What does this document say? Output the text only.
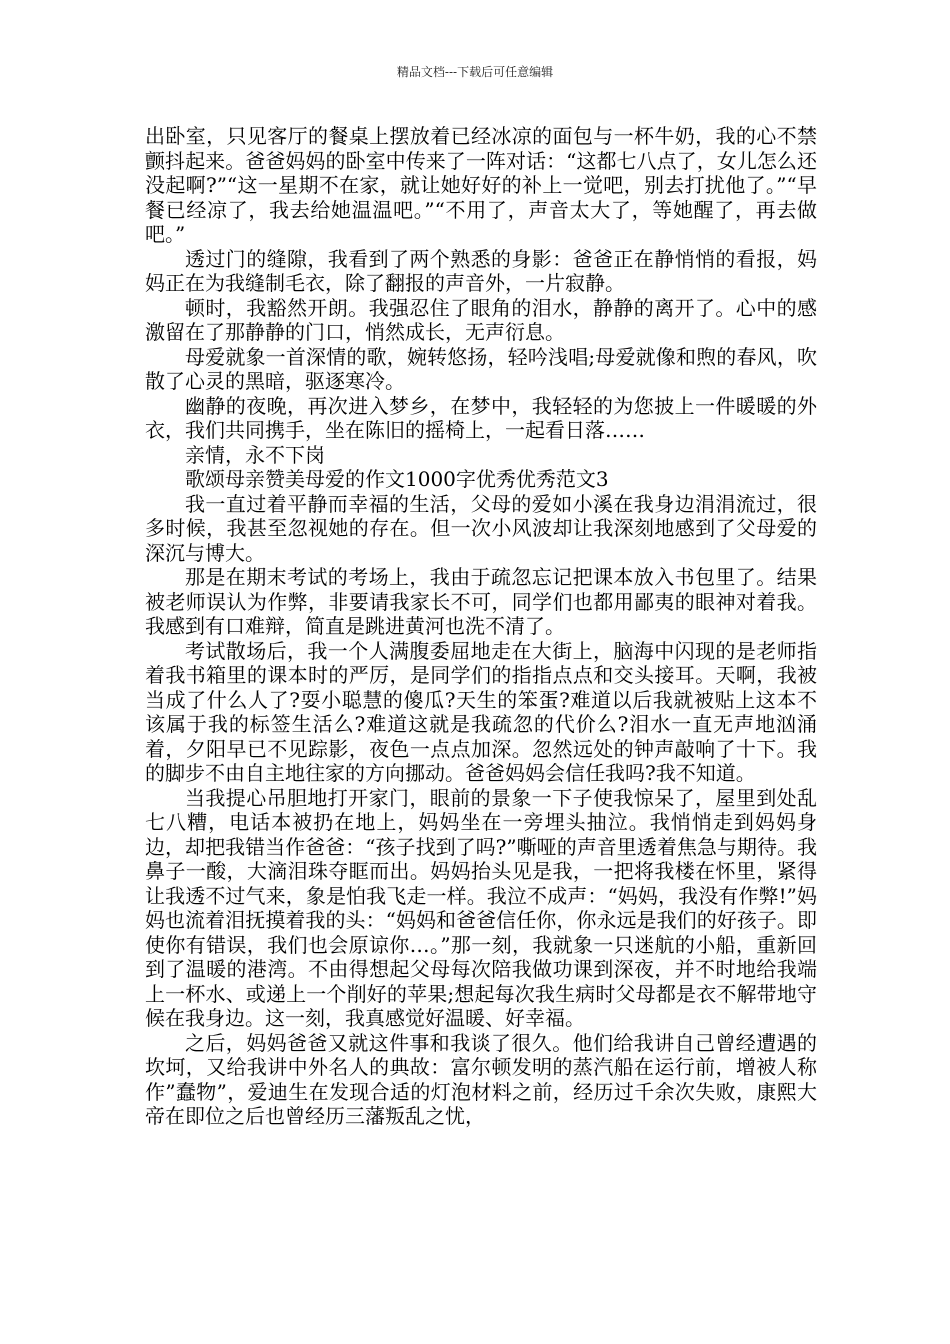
精品文档---下载后可任意编辑

出卧室，只见客厅的餐桌上摆放着已经冰凉的面包与一杯牛奶，我的心不禁颤抖起来。爸爸妈妈的卧室中传来了一阵对话：“这都七八点了，女儿怎么还没起啊?”“这一星期不在家，就让她好好的补上一觉吧，别去打扰他了。”“早餐已经凉了，我去给她温温吧。”“不用了，声音太大了，等她醒了，再去做吧。”

透过门的缝隙，我看到了两个熟悉的身影：爸爸正在静悄悄的看报，妈妈正在为我缝制毛衣，除了翻报的声音外，一片寂静。

顿时，我豁然开朗。我强忍住了眼角的泪水，静静的离开了。心中的感激留在了那静静的门口，悄然成长，无声衍息。

母爱就象一首深情的歌，婉转悠扬，轻吟浅唱;母爱就像和煦的春风，吹散了心灵的黑暗，驱逐寒冷。

幽静的夜晚，再次进入梦乡，在梦中，我轻轻的为您披上一件暖暖的外衣，我们共同携手，坐在陈旧的摇椅上，一起看日落……

亲情，永不下岗

歌颂母亲赞美母爱的作文1000字优秀优秀范文3

我一直过着平静而幸福的生活，父母的爱如小溪在我身边涓涓流过，很多时候，我甚至忽视她的存在。但一次小风波却让我深刻地感到了父母爱的深沉与博大。

那是在期末考试的考场上，我由于疏忽忘记把课本放入书包里了。结果被老师误认为作弊，非要请我家长不可，同学们也都用鄙夷的眼神对着我。我感到有口难辩，简直是跳进黄河也洗不清了。

考试散场后，我一个人满腹委屈地走在大街上，脑海中闪现的是老师指着我书箱里的课本时的严厉，是同学们的指指点点和交头接耳。天啊，我被当成了什么人了?耍小聪慧的傻瓜?天生的笨蛋?难道以后我就被贴上这本不该属于我的标签生活么?难道这就是我疏忽的代价么?泪水一直无声地汹涌着，夕阳早已不见踪影，夜色一点点加深。忽然远处的钟声敲响了十下。我的脚步不由自主地往家的方向挪动。爸爸妈妈会信任我吗?我不知道。

当我提心吊胆地打开家门，眼前的景象一下子使我惊呆了，屋里到处乱七八糟，电话本被扔在地上，妈妈坐在一旁埋头抽泣。我悄悄走到妈妈身边，却把我错当作爸爸：“孩子找到了吗?”嘶哑的声音里透着焦急与期待。我鼻子一酸，大滴泪珠夺眶而出。妈妈抬头见是我，一把将我楼在怀里，紧得让我透不过气来，象是怕我飞走一样。我泣不成声：“妈妈，我没有作弊!”妈妈也流着泪抚摸着我的头：“妈妈和爸爸信任你，你永远是我们的好孩子。即使你有错误，我们也会原谅你…。”那一刻，我就象一只迷航的小船，重新回到了温暖的港湾。不由得想起父母每次陪我做功课到深夜，并不时地给我端上一杯水、或递上一个削好的苹果;想起每次我生病时父母都是衣不解带地守候在我身边。这一刻，我真感觉好温暖、好幸福。

之后，妈妈爸爸又就这件事和我谈了很久。他们给我讲自己曾经遭遇的坎坷，又给我讲中外名人的典故：富尔顿发明的蒸汽船在运行前，增被人称作”蠢物”，爱迪生在发现合适的灯泡材料之前，经历过千余次失败，康熙大帝在即位之后也曾经历三藩叛乱之忧，
